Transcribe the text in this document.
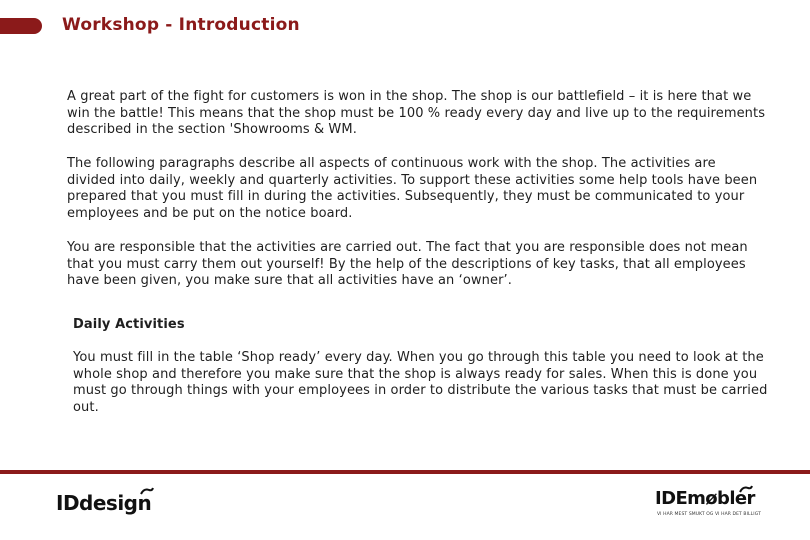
Workshop - Introduction

A great part of the fight for customers is won in the shop. The shop is our battlefield – it is here that we win the battle! This means that the shop must be 100 % ready every day and live up to the requirements described in the section 'Showrooms & WM.

The following paragraphs describe all aspects of continuous work with the shop. The activities are divided into daily, weekly and quarterly activities. To support these activities some help tools have been prepared that you must fill in during the activities. Subsequently, they must be communicated to your employees and be put on the notice board.

You are responsible that the activities are carried out. The fact that you are responsible does not mean that you must carry them out yourself! By the help of the descriptions of key tasks, that all employees have been given, you make sure that all activities have an ‘owner’.

Daily Activities

You must fill in the table ‘Shop ready’ every day. When you go through this table you need to look at the whole shop and therefore you make sure that the shop is always ready for sales. When this is done you must go through things with your employees in order to distribute the various tasks that must be carried out.

IDdesign	IDEmøbler
VI HAR MEST SMUKT OG VI HAR DET BILLIGT
